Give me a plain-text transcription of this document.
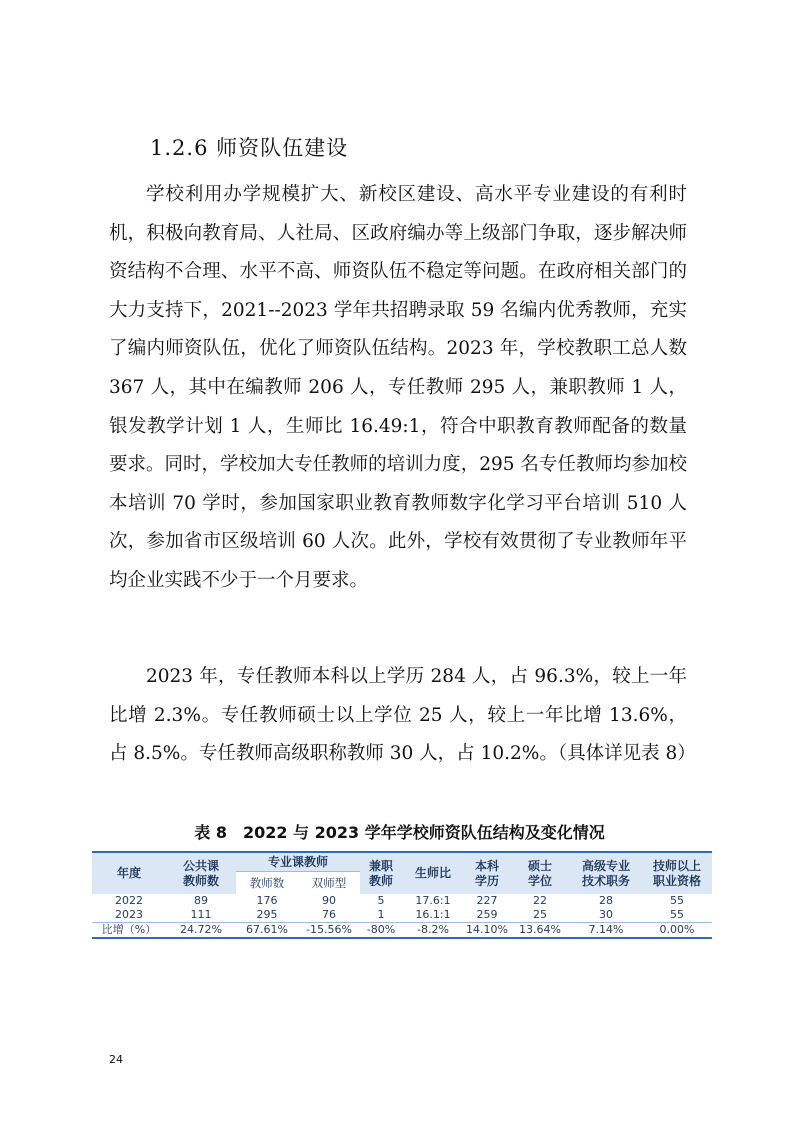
1.2.6 师资队伍建设

学校利用办学规模扩大、新校区建设、高水平专业建设的有利时机，积极向教育局、人社局、区政府编办等上级部门争取，逐步解决师资结构不合理、水平不高、师资队伍不稳定等问题。在政府相关部门的大力支持下，2021--2023 学年共招聘录取 59 名编内优秀教师，充实了编内师资队伍，优化了师资队伍结构。2023 年，学校教职工总人数 367 人，其中在编教师 206 人，专任教师 295 人，兼职教师 1 人，银发教学计划 1 人，生师比 16.49:1，符合中职教育教师配备的数量要求。同时，学校加大专任教师的培训力度，295 名专任教师均参加校本培训 70 学时，参加国家职业教育教师数字化学习平台培训 510 人次，参加省市区级培训 60 人次。此外，学校有效贯彻了专业教师年平均企业实践不少于一个月要求。

2023 年，专任教师本科以上学历 284 人，占 96.3%，较上一年比增 2.3%。专任教师硕士以上学位 25 人，较上一年比增 13.6%，占 8.5%。专任教师高级职称教师 30 人，占 10.2%。（具体详见表 8）

表 8　2022 与 2023 学年学校师资队伍结构及变化情况
年度	公共课教师数	专业课教师		兼职教师	生师比	本科学历	硕士学位	高级专业技术职务	技师以上职业资格

		教师数	双师型						
2022	89	176	90	5	17.6:1	227	22	28	55
2023	111	295	76	1	16.1:1	259	25	30	55
比增（%）	24.72%	67.61%	-15.56%	-80%	-8.2%	14.10%	13.64%	7.14%	0.00%
24
